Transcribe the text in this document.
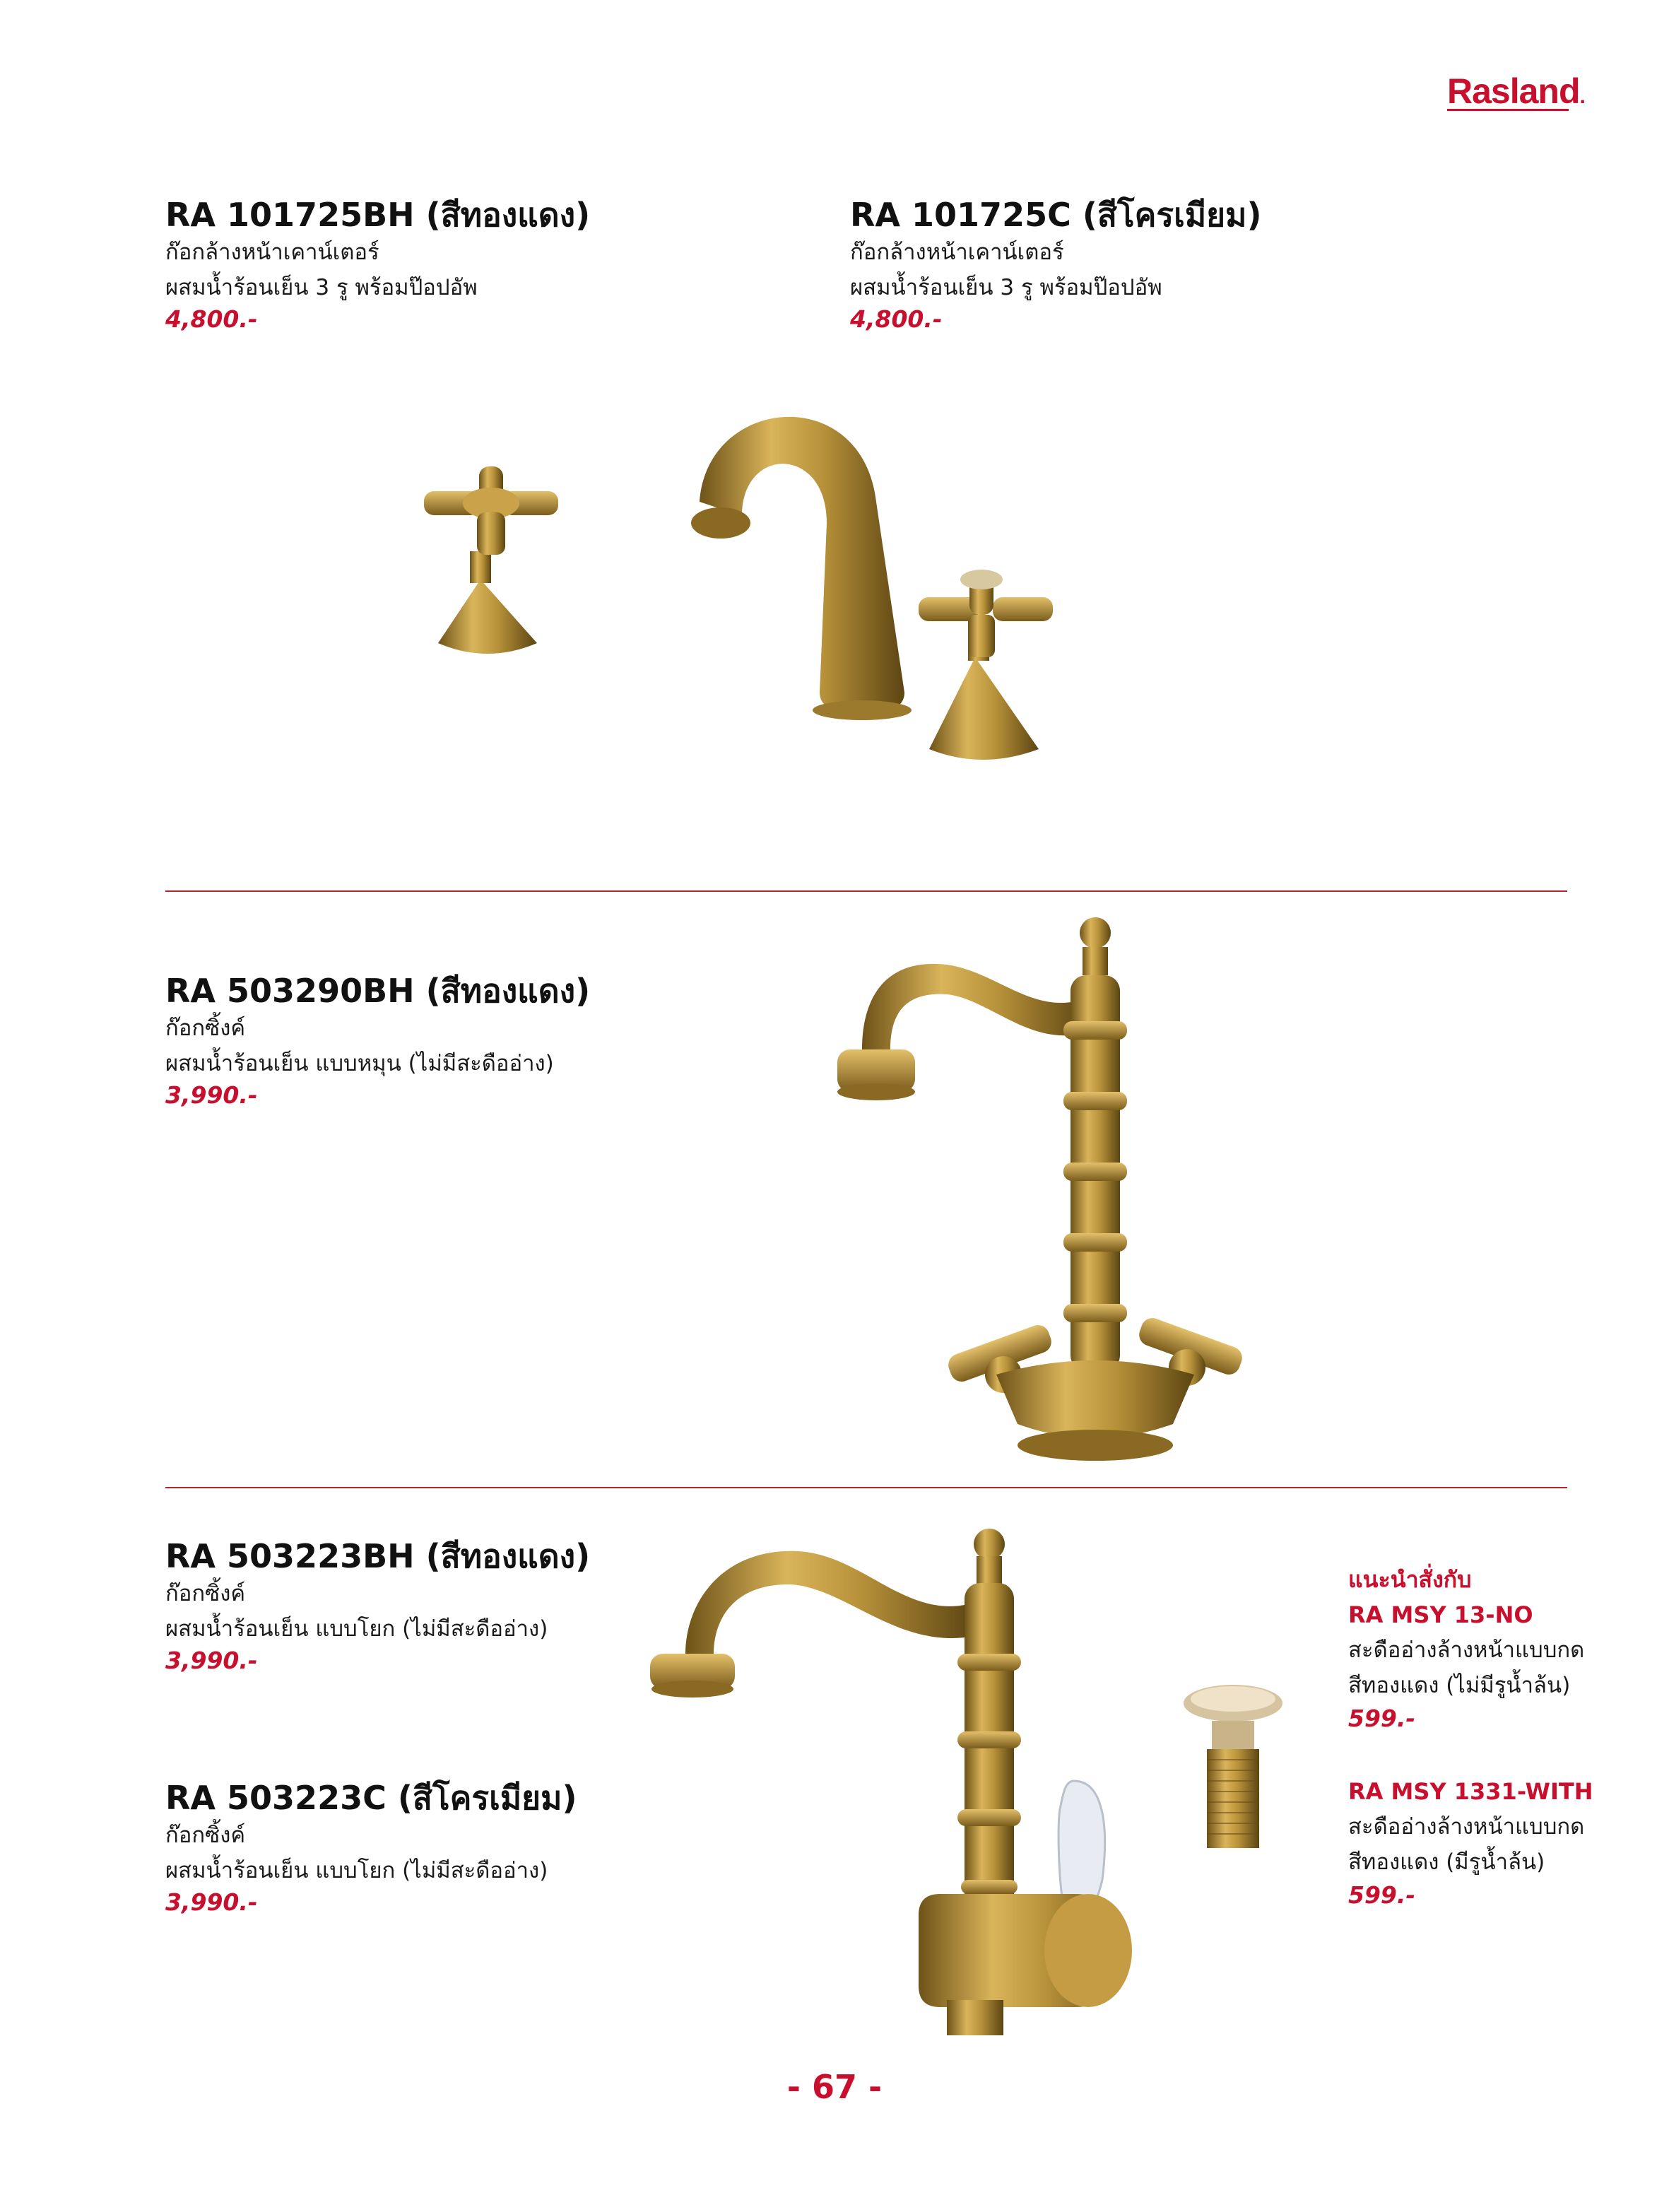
Rasland.
RA 101725BH (สีทองแดง)
ก๊อกล้างหน้าเคาน์เตอร์
ผสมน้ำร้อนเย็น 3 รู พร้อมป๊อปอัพ
4,800.-
RA 101725C (สีโครเมียม)
ก๊อกล้างหน้าเคาน์เตอร์
ผสมน้ำร้อนเย็น 3 รู พร้อมป๊อปอัพ
4,800.-
RA 503290BH (สีทองแดง)
ก๊อกซิ้งค์
ผสมน้ำร้อนเย็น แบบหมุน (ไม่มีสะดืออ่าง)
3,990.-
RA 503223BH (สีทองแดง)
ก๊อกซิ้งค์
ผสมน้ำร้อนเย็น แบบโยก (ไม่มีสะดืออ่าง)
3,990.-
RA 503223C (สีโครเมียม)
ก๊อกซิ้งค์
ผสมน้ำร้อนเย็น แบบโยก (ไม่มีสะดืออ่าง)
3,990.-
แนะนำสั่งกับ
RA MSY 13-NO
สะดืออ่างล้างหน้าแบบกด
สีทองแดง (ไม่มีรูน้ำล้น)
599.-
RA MSY 1331-WITH
สะดืออ่างล้างหน้าแบบกด
สีทองแดง (มีรูน้ำล้น)
599.-
- 67 -
